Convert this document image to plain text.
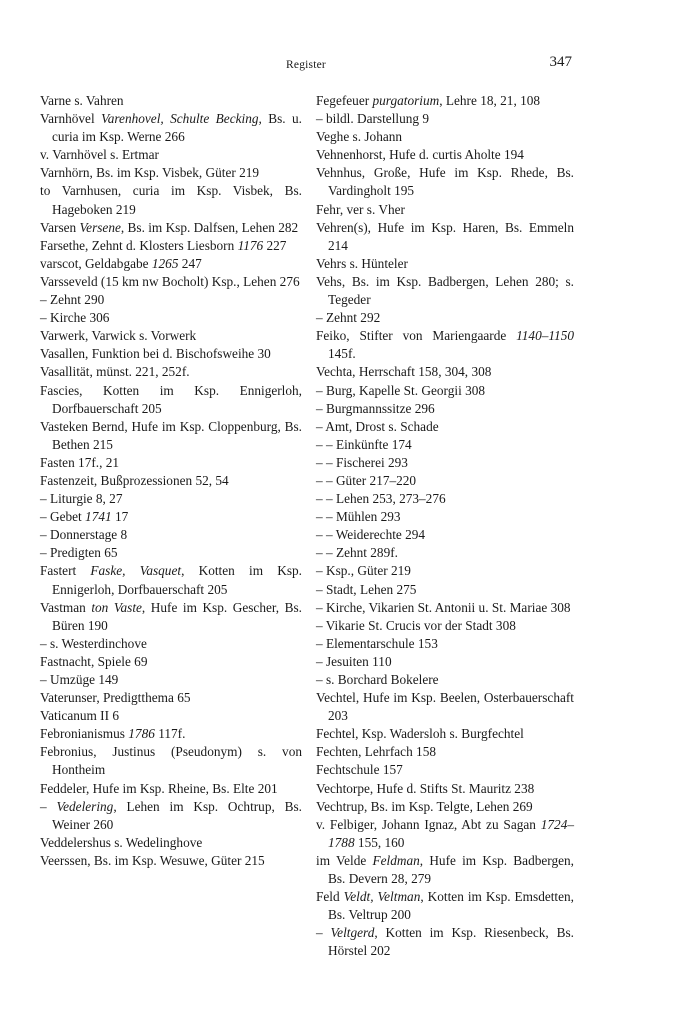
Register	347
Varne s. Vahren
Varnhövel Varenhovel, Schulte Becking, Bs. u. curia im Ksp. Werne 266
v. Varnhövel s. Ertmar
Varnhörn, Bs. im Ksp. Visbek, Güter 219
to Varnhusen, curia im Ksp. Visbek, Bs. Hageboken 219
Varsen Versene, Bs. im Ksp. Dalfsen, Lehen 282
Farsethe, Zehnt d. Klosters Liesborn 1176 227
varscot, Geldabgabe 1265 247
Varsseveld (15 km nw Bocholt) Ksp., Lehen 276
– Zehnt 290
– Kirche 306
Varwerk, Varwick s. Vorwerk
Vasallen, Funktion bei d. Bischofsweihe 30
Vasallität, münst. 221, 252f.
Fascies, Kotten im Ksp. Ennigerloh, Dorfbauerschaft 205
Vasteken Bernd, Hufe im Ksp. Cloppenburg, Bs. Bethen 215
Fasten 17f., 21
Fastenzeit, Bußprozessionen 52, 54
– Liturgie 8, 27
– Gebet 1741 17
– Donnerstage 8
– Predigten 65
Fastert Faske, Vasquet, Kotten im Ksp. Ennigerloh, Dorfbauerschaft 205
Vastman ton Vaste, Hufe im Ksp. Gescher, Bs. Büren 190
– s. Westerdinchove
Fastnacht, Spiele 69
– Umzüge 149
Vaterunser, Predigtthema 65
Vaticanum II 6
Febronianismus 1786 117f.
Febronius, Justinus (Pseudonym) s. von Hontheim
Feddeler, Hufe im Ksp. Rheine, Bs. Elte 201
– Vedelering, Lehen im Ksp. Ochtrup, Bs. Weiner 260
Veddelershus s. Wedelinghove
Veerssen, Bs. im Ksp. Wesuwe, Güter 215
Fegefeuer purgatorium, Lehre 18, 21, 108
– bildl. Darstellung 9
Veghe s. Johann
Vehnenhorst, Hufe d. curtis Aholte 194
Vehnhus, Große, Hufe im Ksp. Rhede, Bs. Vardingholt 195
Fehr, ver s. Vher
Vehren(s), Hufe im Ksp. Haren, Bs. Emmeln 214
Vehrs s. Hünteler
Vehs, Bs. im Ksp. Badbergen, Lehen 280; s. Tegeder
– Zehnt 292
Feiko, Stifter von Mariengaarde 1140–1150 145f.
Vechta, Herrschaft 158, 304, 308
– Burg, Kapelle St. Georgii 308
– Burgmannssitze 296
– Amt, Drost s. Schade
– – Einkünfte 174
– – Fischerei 293
– – Güter 217–220
– – Lehen 253, 273–276
– – Mühlen 293
– – Weiderechte 294
– – Zehnt 289f.
– Ksp., Güter 219
– Stadt, Lehen 275
– Kirche, Vikarien St. Antonii u. St. Mariae 308
– Vikarie St. Crucis vor der Stadt 308
– Elementarschule 153
– Jesuiten 110
– s. Borchard Bokelere
Vechtel, Hufe im Ksp. Beelen, Osterbauerschaft 203
Fechtel, Ksp. Wadersloh s. Burgfechtel
Fechten, Lehrfach 158
Fechtschule 157
Vechtorpe, Hufe d. Stifts St. Mauritz 238
Vechtrup, Bs. im Ksp. Telgte, Lehen 269
v. Felbiger, Johann Ignaz, Abt zu Sagan 1724–1788 155, 160
im Velde Feldman, Hufe im Ksp. Badbergen, Bs. Devern 28, 279
Feld Veldt, Veltman, Kotten im Ksp. Emsdetten, Bs. Veltrup 200
– Veltgerd, Kotten im Ksp. Riesenbeck, Bs. Hörstel 202
